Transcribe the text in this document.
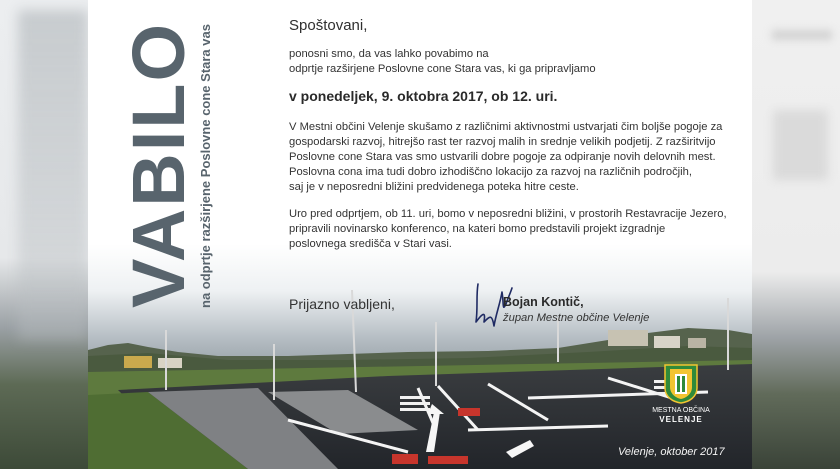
VABILO
na odprtje razširjene Poslovne cone Stara vas	Spoštovani,

ponosni smo, da vas lahko povabimo na
odprtje razširjene Poslovne cone Stara vas, ki ga pripravljamo

v ponedeljek, 9. oktobra 2017, ob 12. uri.

V Mestni občini Velenje skušamo z različnimi aktivnostmi ustvarjati čim boljše pogoje za
gospodarski razvoj, hitrejšo rast ter razvoj malih in srednje velikih podjetij. Z razširitvijo
Poslovne cone Stara vas smo ustvarili dobre pogoje za odpiranje novih delovnih mest.
Poslovna cona ima tudi dobro izhodiščno lokacijo za razvoj na različnih področjih,
saj je v neposredni bližini predvidenega poteka hitre ceste.

Uro pred odprtjem, ob 11. uri, bomo v neposredni bližini, v prostorih Restavracije Jezero,
pripravili novinarsko konferenco, na kateri bomo predstavili projekt izgradnje
poslovnega središča v Stari vasi.

Prijazno vabljeni,	Bojan Kontič,
župan Mestne občine Velenje
MESTNA OBČINA
VELENJE
Velenje, oktober 2017
